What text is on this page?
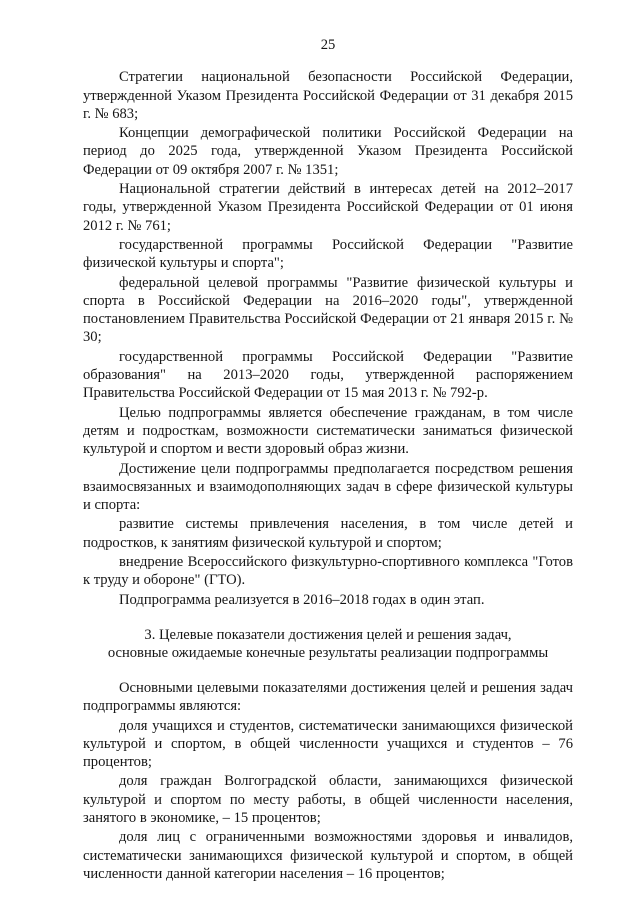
25

Стратегии национальной безопасности Российской Федерации, утвержденной Указом Президента Российской Федерации от 31 декабря 2015 г. № 683;

Концепции демографической политики Российской Федерации на период до 2025 года, утвержденной Указом Президента Российской Федерации от 09 октября 2007 г. № 1351;

Национальной стратегии действий в интересах детей на 2012–2017 годы, утвержденной Указом Президента Российской Федерации от 01 июня 2012 г. № 761;

государственной программы Российской Федерации "Развитие физической культуры и спорта";

федеральной целевой программы "Развитие физической культуры и спорта в Российской Федерации на 2016–2020 годы", утвержденной постановлением Правительства Российской Федерации от 21 января 2015 г. № 30;

государственной программы Российской Федерации "Развитие образования" на 2013–2020 годы, утвержденной распоряжением Правительства Российской Федерации от 15 мая 2013 г. № 792-р.

Целью подпрограммы является обеспечение гражданам, в том числе детям и подросткам, возможности систематически заниматься физической культурой и спортом и вести здоровый образ жизни.

Достижение цели подпрограммы предполагается посредством решения взаимосвязанных и взаимодополняющих задач в сфере физической культуры и спорта:

развитие системы привлечения населения, в том числе детей и подростков, к занятиям физической культурой и спортом;

внедрение Всероссийского физкультурно-спортивного комплекса "Готов к труду и обороне" (ГТО).

Подпрограмма реализуется в 2016–2018 годах в один этап.

3. Целевые показатели достижения целей и решения задач,
основные ожидаемые конечные результаты реализации подпрограммы

Основными целевыми показателями достижения целей и решения задач подпрограммы являются:

доля учащихся и студентов, систематически занимающихся физической культурой и спортом, в общей численности учащихся и студентов – 76 процентов;

доля граждан Волгоградской области, занимающихся физической культурой и спортом по месту работы, в общей численности населения, занятого в экономике, – 15 процентов;

доля лиц с ограниченными возможностями здоровья и инвалидов, систематически занимающихся физической культурой и спортом, в общей численности данной категории населения – 16 процентов;
